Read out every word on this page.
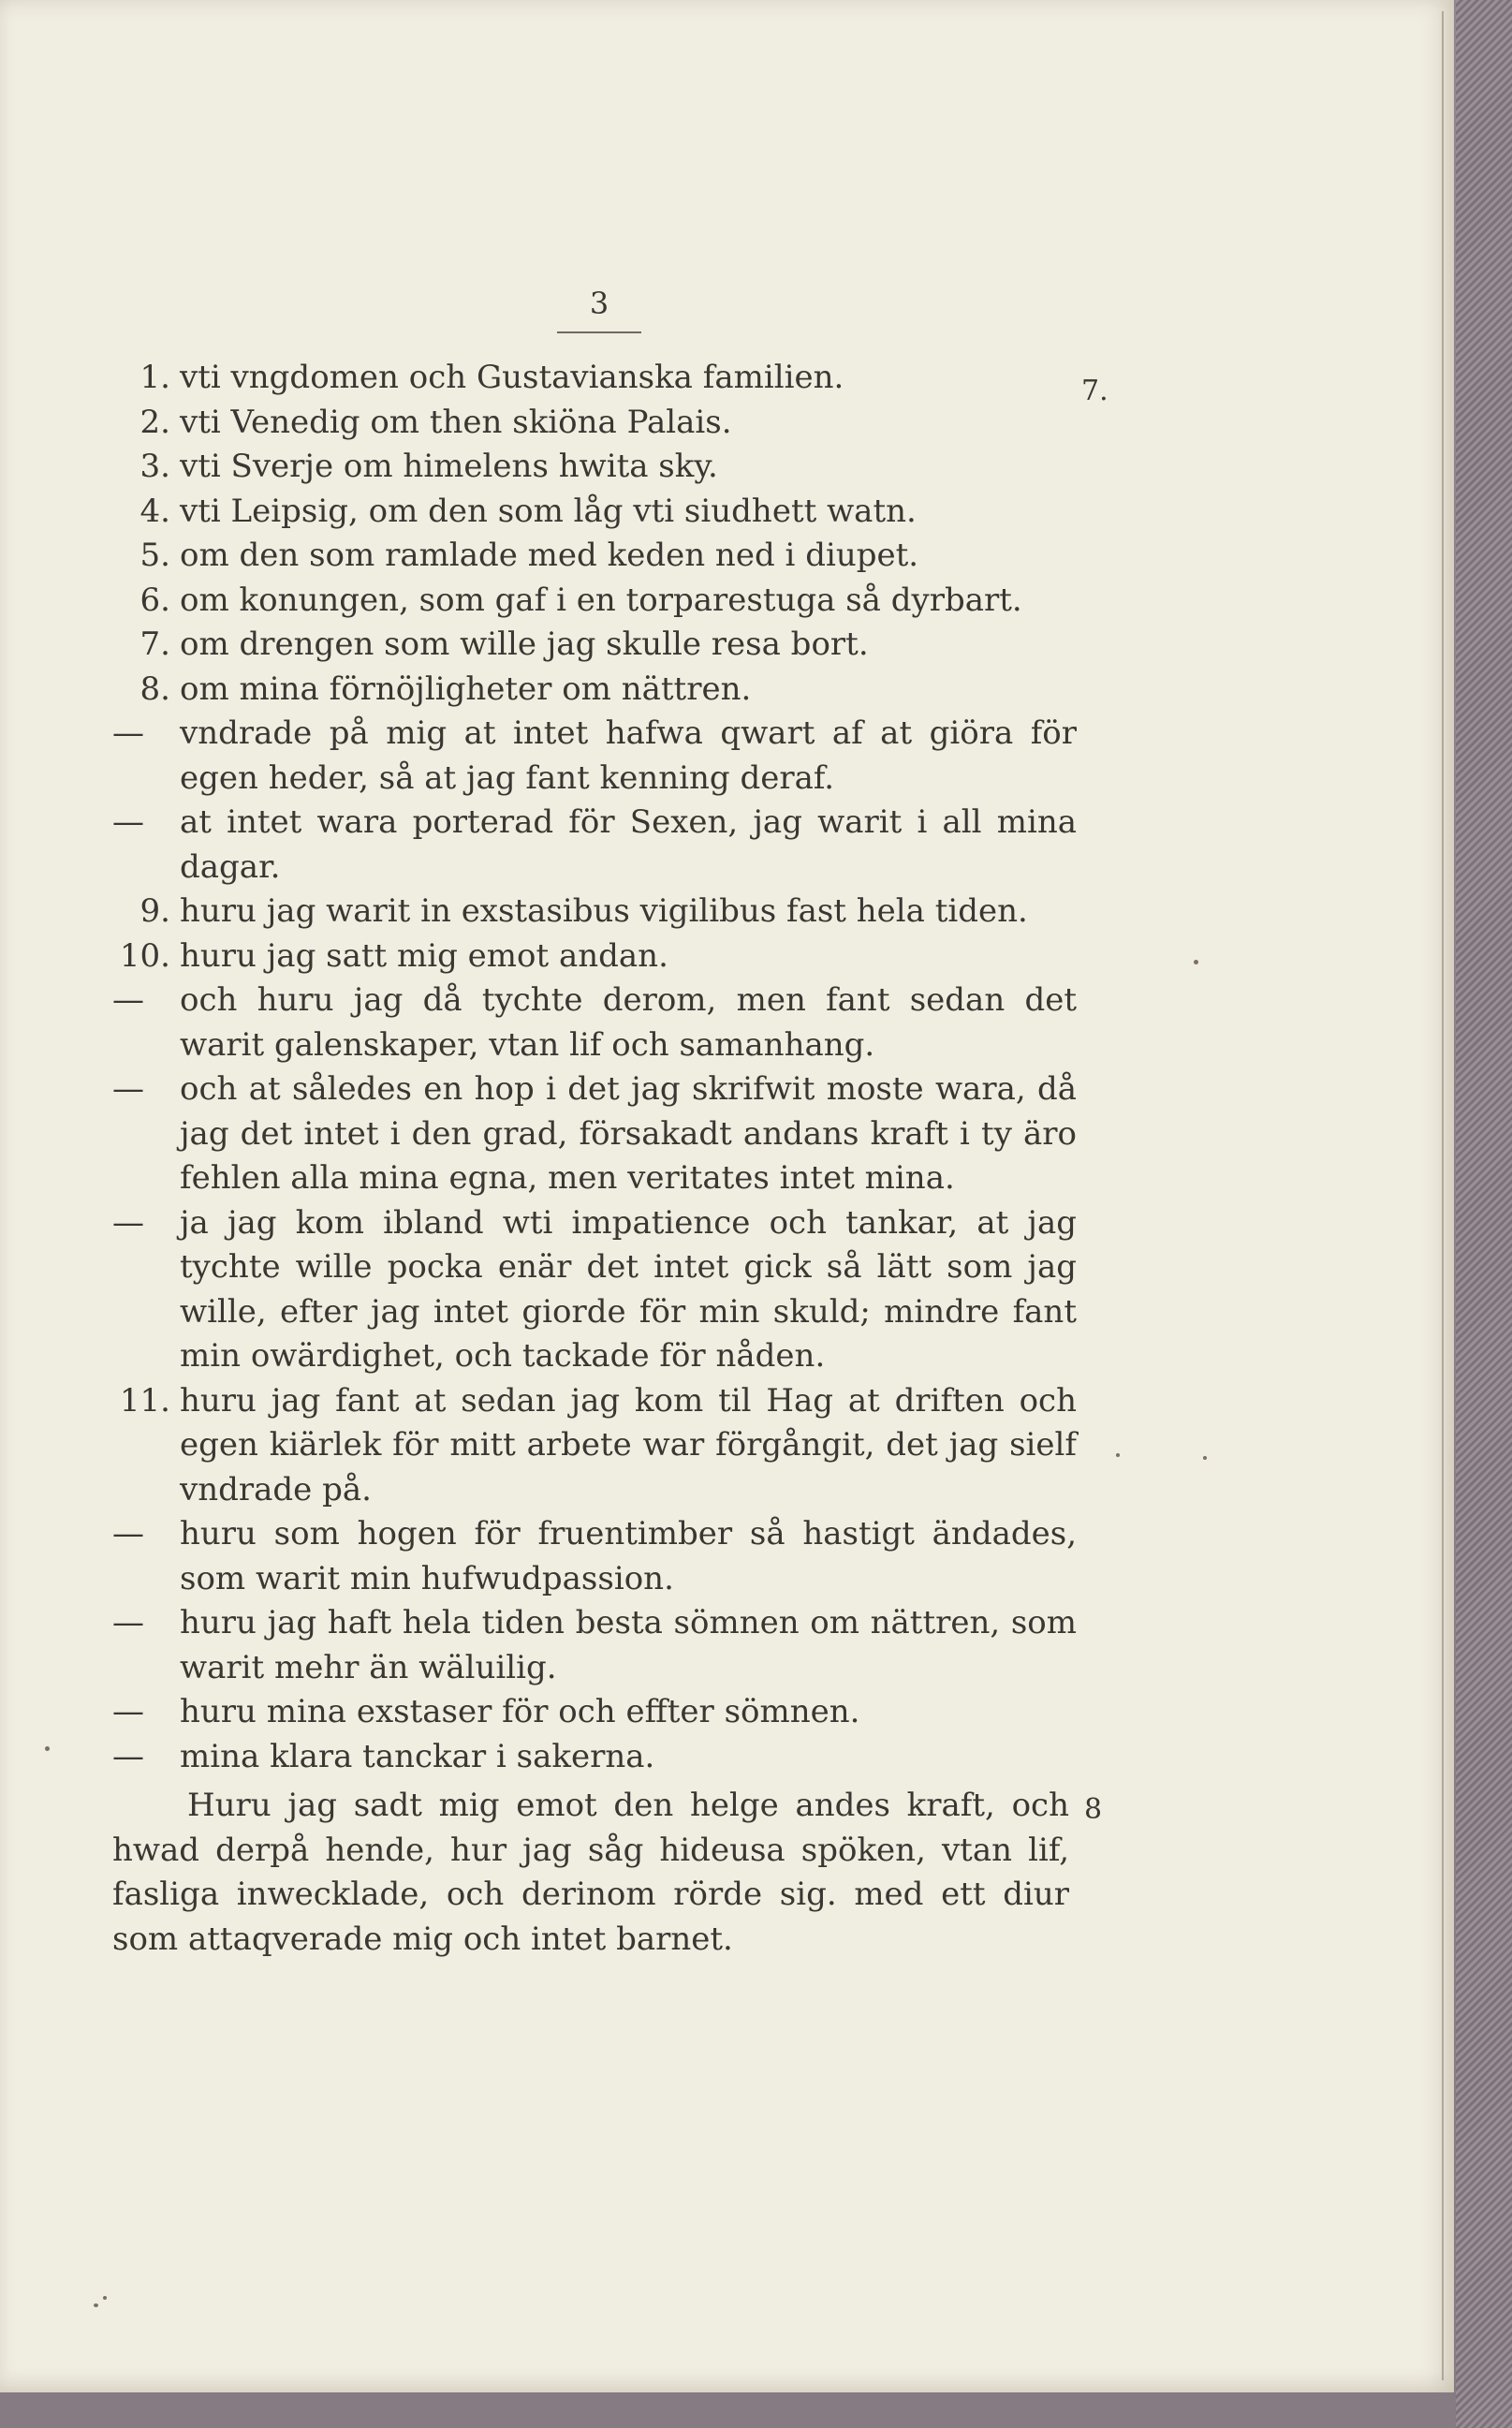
3
7.
1. vti vngdomen och Gustavianska familien.
2. vti Venedig om then skiöna Palais.
3. vti Sverje om himelens hwita sky.
4. vti Leipsig, om den som låg vti siudhett watn.
5. om den som ramlade med keden ned i diupet.
6. om konungen, som gaf i en torparestuga så dyrbart.
7. om drengen som wille jag skulle resa bort.
8. om mina förnöjligheter om nättren.
—	vndrade på mig at intet hafwa qwart af at giöra för egen heder, så at jag fant kenning deraf.
—	at intet wara porterad för Sexen, jag warit i all mina dagar.
9. huru jag warit in exstasibus vigilibus fast hela tiden.
10. huru jag satt mig emot andan.
—	och huru jag då tychte derom, men fant sedan det warit galenskaper, vtan lif och samanhang.
—	och at således en hop i det jag skrifwit moste wara, då jag det intet i den grad, försakadt andans kraft i ty äro fehlen alla mina egna, men veritates intet mina.
—	ja jag kom ibland wti impatience och tankar, at jag tychte wille pocka enär det intet gick så lätt som jag wille, efter jag intet giorde för min skuld; mindre fant min owärdighet, och tackade för nåden.
11. huru jag fant at sedan jag kom til Hag at driften och egen kiärlek för mitt arbete war förgångit, det jag sielf vndrade på.
—	huru som hogen för fruentimber så hastigt ändades, som warit min hufwudpassion.
—	huru jag haft hela tiden besta sömnen om nättren, som warit mehr än wäluilig.
—	huru mina exstaser för och effter sömnen.
—	mina klara tanckar i sakerna.
Huru jag sadt mig emot den helge andes kraft, och hwad derpå hende, hur jag såg hideusa spöken, vtan lif, fasliga inwecklade, och derinom rörde sig. med ett diur som attaqverade mig och intet barnet.
8
